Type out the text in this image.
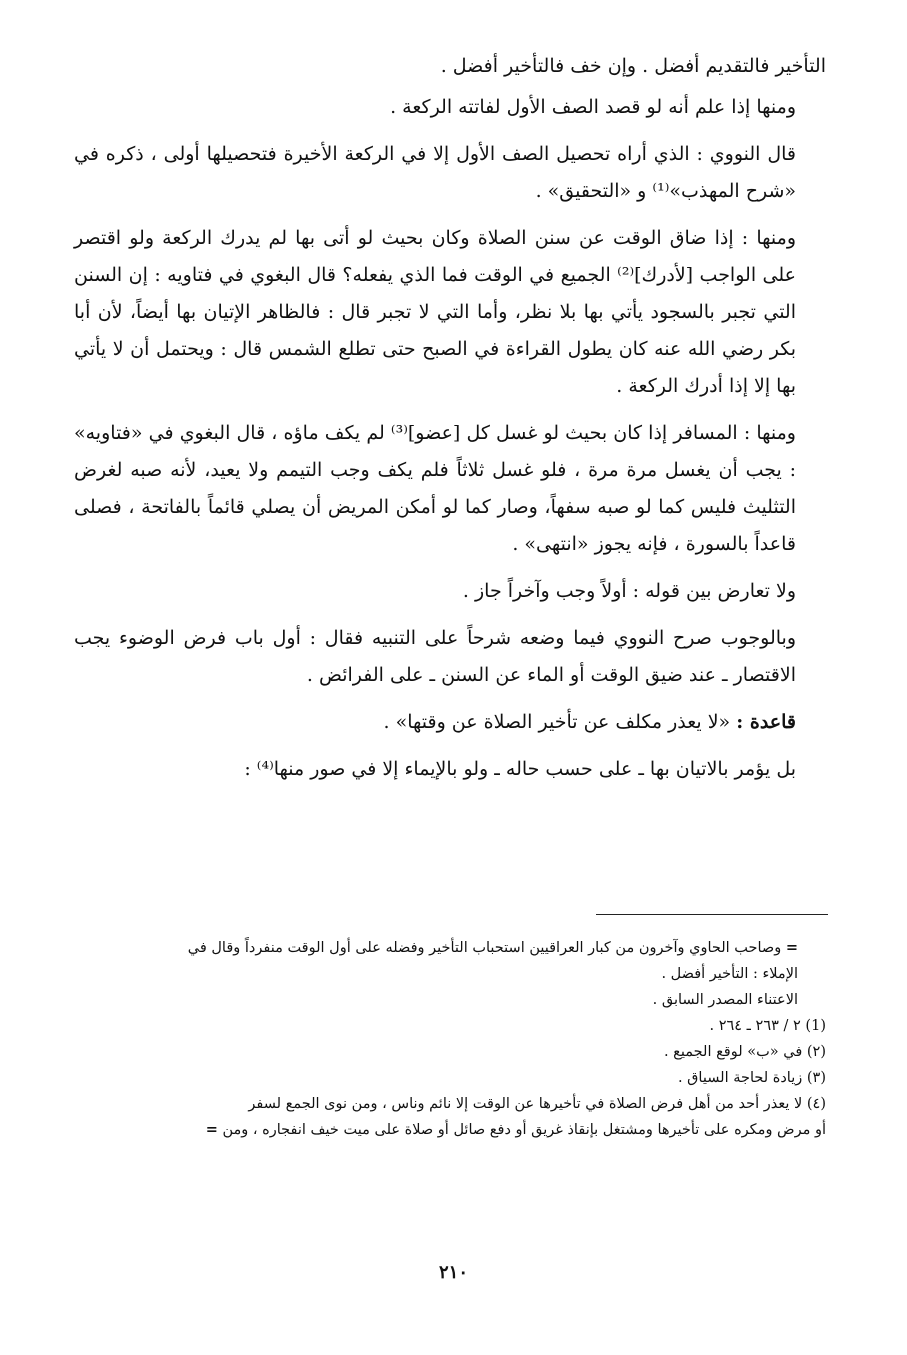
التأخير فالتقديم أفضل . وإن خف فالتأخير أفضل .

ومنها إذا علم أنه لو قصد الصف الأول لفاتته الركعة .

قال النووي : الذي أراه تحصيل الصف الأول إلا في الركعة الأخيرة فتحصيلها أولى ، ذكره في «شرح المهذب»⁽¹⁾ و «التحقيق» .

ومنها : إذا ضاق الوقت عن سنن الصلاة وكان بحيث لو أتى بها لم يدرك الركعة ولو اقتصر على الواجب [لأدرك]⁽²⁾ الجميع في الوقت فما الذي يفعله؟ قال البغوي في فتاويه : إن السنن التي تجبر بالسجود يأتي بها بلا نظر، وأما التي لا تجبر قال : فالظاهر الإتيان بها أيضاً، لأن أبا بكر رضي الله عنه كان يطول القراءة في الصبح حتى تطلع الشمس قال : ويحتمل أن لا يأتي بها إلا إذا أدرك الركعة .

ومنها : المسافر إذا كان بحيث لو غسل كل [عضو]⁽³⁾ لم يكف ماؤه ، قال البغوي في «فتاويه» : يجب أن يغسل مرة مرة ، فلو غسل ثلاثاً فلم يكف وجب التيمم ولا يعيد، لأنه صبه لغرض التثليث فليس كما لو صبه سفهاً، وصار كما لو أمكن المريض أن يصلي قائماً بالفاتحة ، فصلى قاعداً بالسورة ، فإنه يجوز «انتهى» .

ولا تعارض بين قوله : أولاً وجب وآخراً جاز .

وبالوجوب صرح النووي فيما وضعه شرحاً على التنبيه فقال : أول باب فرض الوضوء يجب الاقتصار ـ عند ضيق الوقت أو الماء عن السنن ـ على الفرائض .

قاعدة : «لا يعذر مكلف عن تأخير الصلاة عن وقتها» .

بل يؤمر بالاتيان بها ـ على حسب حاله ـ ولو بالإيماء إلا في صور منها⁽⁴⁾ :

= وصاحب الحاوي وآخرون من كبار العراقيين استحباب التأخير وفضله على أول الوقت منفرداً وقال في

الإملاء : التأخير أفضل .

الاعتناء المصدر السابق .

(1) ٢ / ٢٦٣ ـ ٢٦٤ .

(٢) في «ب» لوقع الجميع .

(٣) زيادة لحاجة السياق .

(٤) لا يعذر أحد من أهل فرض الصلاة في تأخيرها عن الوقت إلا نائم وناس ، ومن نوى الجمع لسفر

أو مرض ومكره على تأخيرها ومشتغل بإنقاذ غريق أو دفع صائل أو صلاة على ميت خيف انفجاره ، ومن =

٢١٠
